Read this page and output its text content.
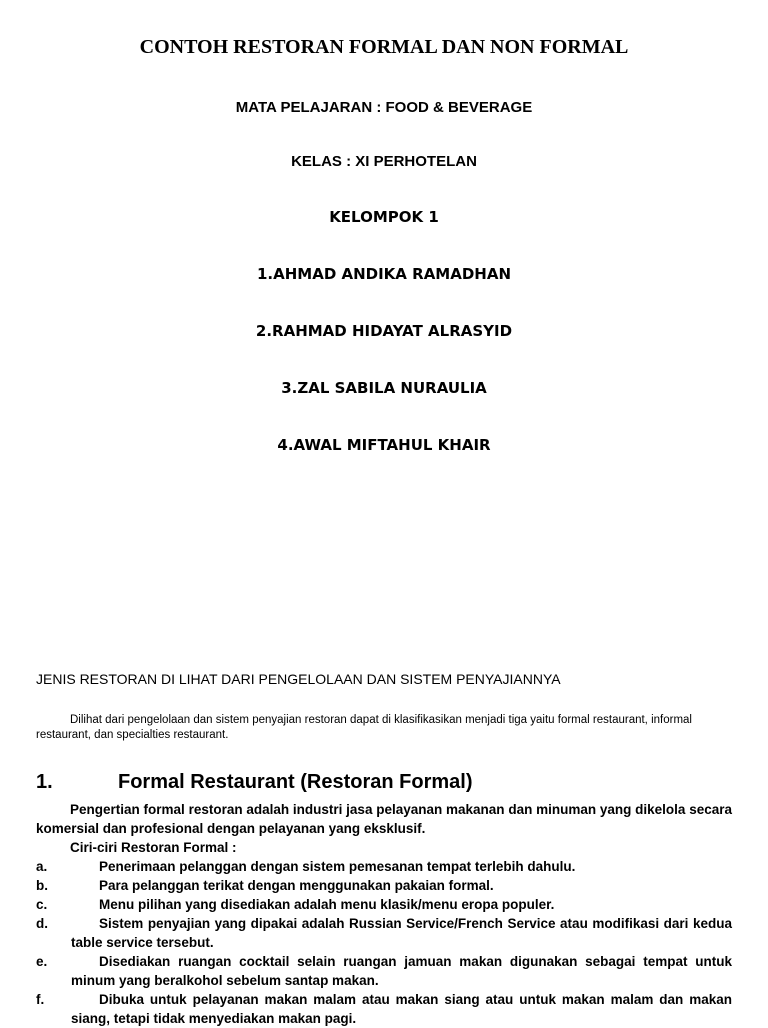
CONTOH RESTORAN FORMAL DAN NON FORMAL
MATA PELAJARAN : FOOD & BEVERAGE
KELAS : XI PERHOTELAN
KELOMPOK 1
1.AHMAD ANDIKA RAMADHAN
2.RAHMAD HIDAYAT ALRASYID
3.ZAL SABILA NURAULIA
4.AWAL MIFTAHUL KHAIR
JENIS RESTORAN DI LIHAT DARI PENGELOLAAN DAN SISTEM PENYAJIANNYA

Dilihat dari pengelolaan dan sistem penyajian restoran dapat di klasifikasikan menjadi tiga yaitu formal restaurant, informal restaurant, dan specialties restaurant.

1.	Formal Restaurant (Restoran Formal)

Pengertian formal restoran adalah industri jasa pelayanan makanan dan minuman yang dikelola secara komersial dan profesional dengan pelayanan yang eksklusif.

Ciri-ciri Restoran Formal :

a.	Penerimaan pelanggan dengan sistem pemesanan tempat terlebih dahulu.
b.	Para pelanggan terikat dengan menggunakan pakaian formal.
c.	Menu pilihan yang disediakan adalah menu klasik/menu eropa populer.
d.	Sistem penyajian yang dipakai adalah Russian Service/French Service atau modifikasi dari kedua table service tersebut.
e.	Disediakan ruangan cocktail selain ruangan jamuan makan digunakan sebagai tempat untuk minum yang beralkohol sebelum santap makan.
f.	Dibuka untuk pelayanan makan malam atau makan siang atau untuk makan malam dan makan siang, tetapi tidak menyediakan makan pagi.
